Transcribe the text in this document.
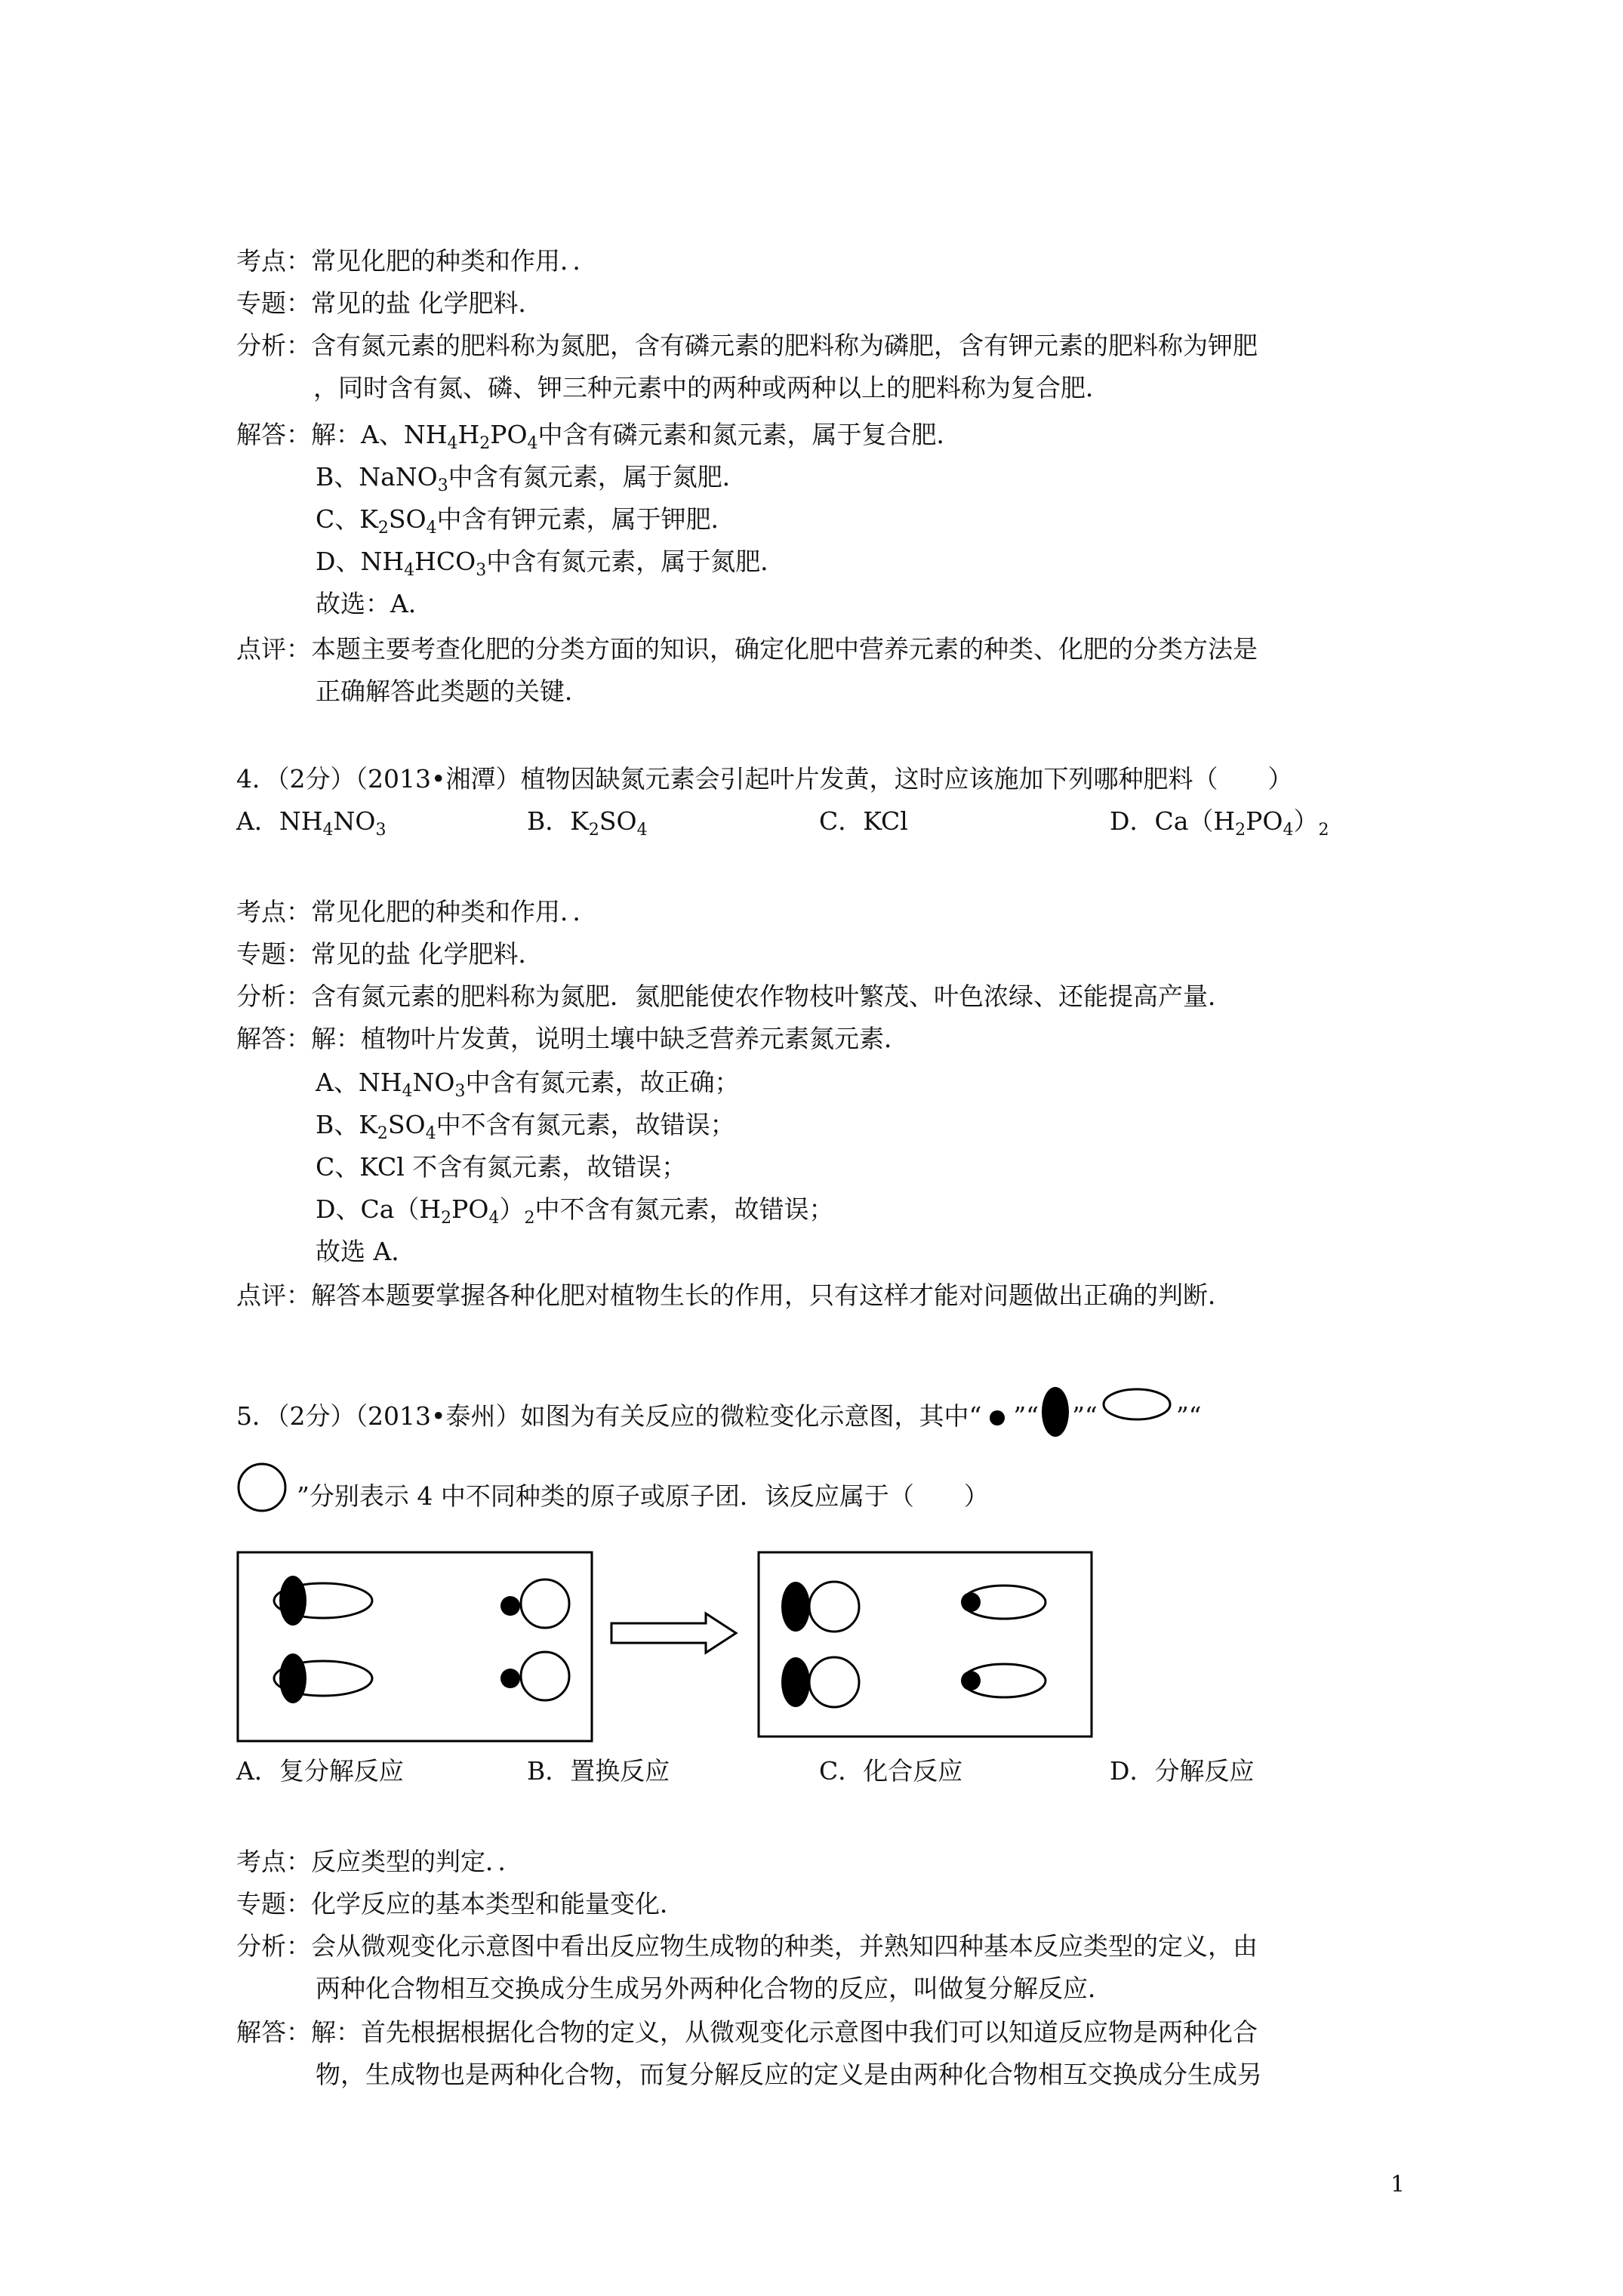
考点：常见化肥的种类和作用．．
专题：常见的盐 化学肥料．
分析：含有氮元素的肥料称为氮肥，含有磷元素的肥料称为磷肥，含有钾元素的肥料称为钾肥
，同时含有氮、磷、钾三种元素中的两种或两种以上的肥料称为复合肥．
解答：解：A、$NH_4H_2PO_4$中含有磷元素和氮元素，属于复合肥．
B、NaNO$_3$中含有氮元素，属于氮肥．
C、$K_2SO_4$中含有钾元素，属于钾肥．
D、$NH_4HCO_3$中含有氮元素，属于氮肥．
故选：A．
点评：本题主要考查化肥的分类方面的知识，确定化肥中营养元素的种类、化肥的分类方法是
正确解答此类题的关键．
4．（2分）（2013•湘潭）植物因缺氮元素会引起叶片发黄，这时应该施加下列哪种肥料（　　）
A．$NH_4NO_3$	B．$K_2SO_4$	C．KCl	D．$Ca(H_2PO_4)_2$
考点：常见化肥的种类和作用．．
专题：常见的盐 化学肥料．
分析：含有氮元素的肥料称为氮肥．氮肥能使农作物枝叶繁茂、叶色浓绿、还能提高产量．
解答：解：植物叶片发黄，说明土壤中缺乏营养元素氮元素．
A、$NH_4NO_3$中含有氮元素，故正确；
B、$K_2SO_4$中不含有氮元素，故错误；
C、KCl 不含有氮元素，故错误；
D、$Ca(H_2PO_4)_2$中不含有氮元素，故错误；
故选 A．
点评：解答本题要掌握各种化肥对植物生长的作用，只有这样才能对问题做出正确的判断．
5．（2分）（2013•泰州）如图为有关反应的微粒变化示意图，其中“ ”“ ”“	”“
”分别表示 4 中不同种类的原子或原子团．该反应属于（　　）
A．复分解反应	B．置换反应	C．化合反应	D．分解反应
考点：反应类型的判定．．
专题：化学反应的基本类型和能量变化．
分析：会从微观变化示意图中看出反应物生成物的种类，并熟知四种基本反应类型的定义，由
两种化合物相互交换成分生成另外两种化合物的反应，叫做复分解反应．
解答：解：首先根据根据化合物的定义，从微观变化示意图中我们可以知道反应物是两种化合
物，生成物也是两种化合物，而复分解反应的定义是由两种化合物相互交换成分生成另
1
